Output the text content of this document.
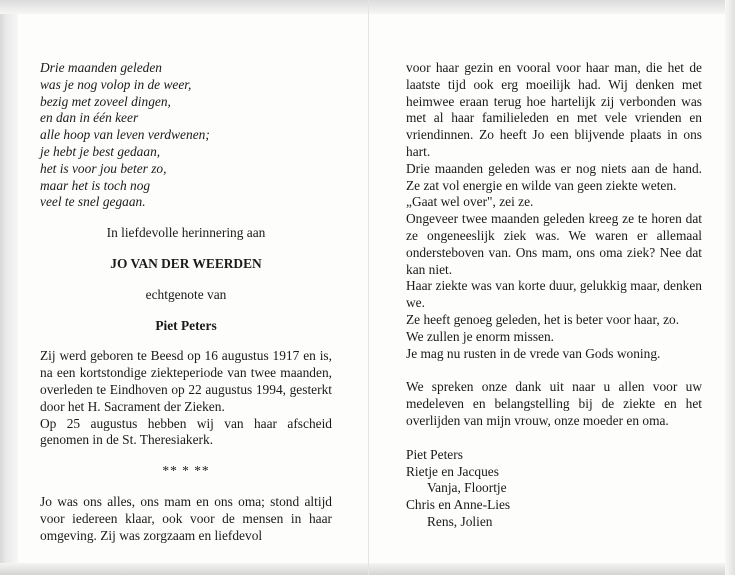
Drie maanden geleden
was je nog volop in de weer,
bezig met zoveel dingen,
en dan in één keer
alle hoop van leven verdwenen;
je hebt je best gedaan,
het is voor jou beter zo,
maar het is toch nog
veel te snel gegaan.
In liefdevolle herinnering aan
JO VAN DER WEERDEN
echtgenote van
Piet Peters
Zij werd geboren te Beesd op 16 augustus 1917 en is, na een kortstondige ziekteperiode van twee maanden, overleden te Eindhoven op 22 augustus 1994, gesterkt door het H. Sacrament der Zieken.
Op 25 augustus hebben wij van haar afscheid genomen in de St. Theresiakerk.
** * **
Jo was ons alles, ons mam en ons oma; stond altijd voor iedereen klaar, ook voor de mensen in haar omgeving. Zij was zorgzaam en liefdevol
voor haar gezin en vooral voor haar man, die het de laatste tijd ook erg moeilijk had. Wij denken met heimwee eraan terug hoe hartelijk zij verbonden was met al haar familieleden en met vele vrienden en vriendinnen. Zo heeft Jo een blijvende plaats in ons hart.
Drie maanden geleden was er nog niets aan de hand. Ze zat vol energie en wilde van geen ziekte weten.
„Gaat wel over", zei ze.
Ongeveer twee maanden geleden kreeg ze te horen dat ze ongeneeslijk ziek was. We waren er allemaal ondersteboven van. Ons mam, ons oma ziek? Nee dat kan niet.
Haar ziekte was van korte duur, gelukkig maar, denken we.
Ze heeft genoeg geleden, het is beter voor haar, zo.
We zullen je enorm missen.
Je mag nu rusten in de vrede van Gods woning.
We spreken onze dank uit naar u allen voor uw medeleven en belangstelling bij de ziekte en het overlijden van mijn vrouw, onze moeder en oma.
Piet Peters
Rietje en Jacques
Vanja, Floortje
Chris en Anne-Lies
Rens, Jolien
